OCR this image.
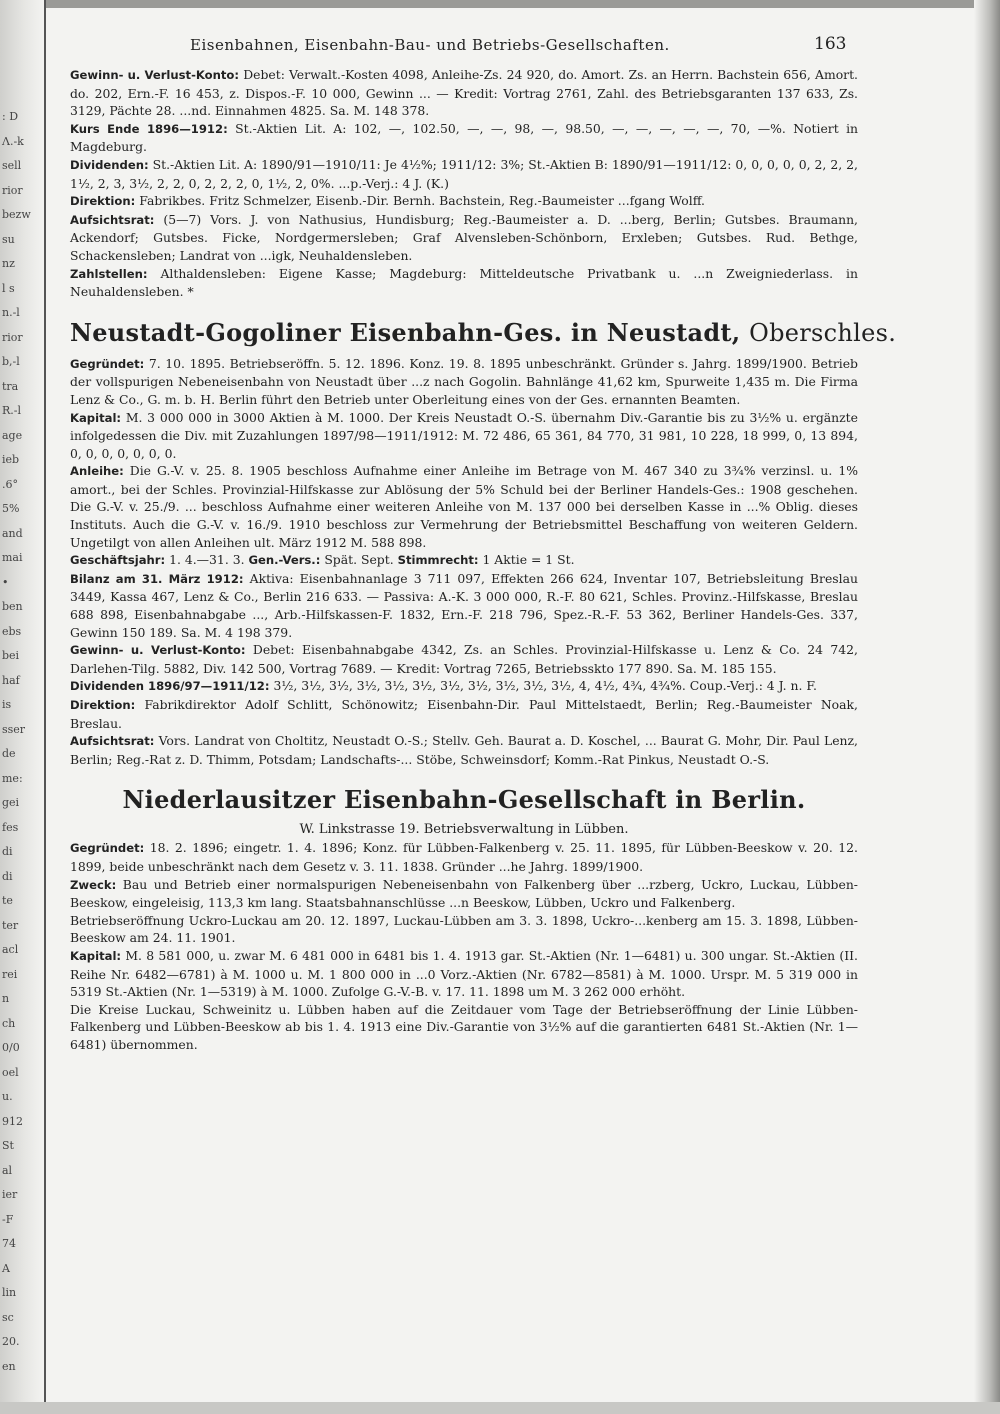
: D
Λ.-k
sell
rior
bezw
su
nz
l s
n.-l
rior
b,-l
tra
R.-l
age
ieb
.6°
5%
and
mai
•
ben
ebs
bei
haf
is
sser
de
me:
gei
fes
di
di
te
ter
acl
rei
n
ch
0/0
oel
u.
912
St
al
ier
-F
74
A
lin
sc
20.
en
Eisenbahnen, Eisenbahn-Bau- und Betriebs-Gesellschaften.	163

Gewinn- u. Verlust-Konto: Debet: Verwalt.-Kosten 4098, Anleihe-Zs. 24 920, do. Amort. Zs. an Herrn. Bachstein 656, Amort. do. 202, Ern.-F. 16 453, z. Dispos.-F. 10 000, Gewinn ... — Kredit: Vortrag 2761, Zahl. des Betriebsgaranten 137 633, Zs. 3129, Pächte 28. ...nd. Einnahmen 4825. Sa. M. 148 378.

Kurs Ende 1896—1912: St.-Aktien Lit. A: 102, —, 102.50, —, —, 98, —, 98.50, —, —, —, —, —, 70, —%. Notiert in Magdeburg.

Dividenden: St.-Aktien Lit. A: 1890/91—1910/11: Je 4½%; 1911/12: 3%; St.-Aktien B: 1890/91—1911/12: 0, 0, 0, 0, 0, 2, 2, 2, 1½, 2, 3, 3½, 2, 2, 0, 2, 2, 2, 0, 1½, 2, 0%. ...p.-Verj.: 4 J. (K.)

Direktion: Fabrikbes. Fritz Schmelzer, Eisenb.-Dir. Bernh. Bachstein, Reg.-Baumeister ...fgang Wolff.

Aufsichtsrat: (5—7) Vors. J. von Nathusius, Hundisburg; Reg.-Baumeister a. D. ...berg, Berlin; Gutsbes. Braumann, Ackendorf; Gutsbes. Ficke, Nordgermersleben; Graf Alvensleben-Schönborn, Erxleben; Gutsbes. Rud. Bethge, Schackensleben; Landrat von ...igk, Neuhaldensleben.

Zahlstellen: Althaldensleben: Eigene Kasse; Magdeburg: Mitteldeutsche Privatbank u. ...n Zweigniederlass. in Neuhaldensleben. *

Neustadt-Gogoliner Eisenbahn-Ges. in Neustadt, Oberschles.

Gegründet: 7. 10. 1895. Betriebseröffn. 5. 12. 1896. Konz. 19. 8. 1895 unbeschränkt. Gründer s. Jahrg. 1899/1900. Betrieb der vollspurigen Nebeneisenbahn von Neustadt über ...z nach Gogolin. Bahnlänge 41,62 km, Spurweite 1,435 m. Die Firma Lenz & Co., G. m. b. H. Berlin führt den Betrieb unter Oberleitung eines von der Ges. ernannten Beamten.

Kapital: M. 3 000 000 in 3000 Aktien à M. 1000. Der Kreis Neustadt O.-S. übernahm Div.-Garantie bis zu 3½% u. ergänzte infolgedessen die Div. mit Zuzahlungen 1897/98—1911/1912: M. 72 486, 65 361, 84 770, 31 981, 10 228, 18 999, 0, 13 894, 0, 0, 0, 0, 0, 0, 0.

Anleihe: Die G.-V. v. 25. 8. 1905 beschloss Aufnahme einer Anleihe im Betrage von M. 467 340 zu 3¾% verzinsl. u. 1% amort., bei der Schles. Provinzial-Hilfskasse zur Ablösung der 5% Schuld bei der Berliner Handels-Ges.: 1908 geschehen. Die G.-V. v. 25./9. ... beschloss Aufnahme einer weiteren Anleihe von M. 137 000 bei derselben Kasse in ...% Oblig. dieses Instituts. Auch die G.-V. v. 16./9. 1910 beschloss zur Vermehrung der Betriebsmittel Beschaffung von weiteren Geldern. Ungetilgt von allen Anleihen ult. März 1912 M. 588 898.

Geschäftsjahr: 1. 4.—31. 3. Gen.-Vers.: Spät. Sept. Stimmrecht: 1 Aktie = 1 St.

Bilanz am 31. März 1912: Aktiva: Eisenbahnanlage 3 711 097, Effekten 266 624, Inventar 107, Betriebsleitung Breslau 3449, Kassa 467, Lenz & Co., Berlin 216 633. — Passiva: A.-K. 3 000 000, R.-F. 80 621, Schles. Provinz.-Hilfskasse, Breslau 688 898, Eisenbahnabgabe ..., Arb.-Hilfskassen-F. 1832, Ern.-F. 218 796, Spez.-R.-F. 53 362, Berliner Handels-Ges. 337, Gewinn 150 189. Sa. M. 4 198 379.

Gewinn- u. Verlust-Konto: Debet: Eisenbahnabgabe 4342, Zs. an Schles. Provinzial-Hilfskasse u. Lenz & Co. 24 742, Darlehen-Tilg. 5882, Div. 142 500, Vortrag 7689. — Kredit: Vortrag 7265, Betriebsskto 177 890. Sa. M. 185 155.

Dividenden 1896/97—1911/12: 3½, 3½, 3½, 3½, 3½, 3½, 3½, 3½, 3½, 3½, 3½, 4, 4½, 4¾, 4¾%. Coup.-Verj.: 4 J. n. F.

Direktion: Fabrikdirektor Adolf Schlitt, Schönowitz; Eisenbahn-Dir. Paul Mittelstaedt, Berlin; Reg.-Baumeister Noak, Breslau.

Aufsichtsrat: Vors. Landrat von Choltitz, Neustadt O.-S.; Stellv. Geh. Baurat a. D. Koschel, ... Baurat G. Mohr, Dir. Paul Lenz, Berlin; Reg.-Rat z. D. Thimm, Potsdam; Landschafts-... Stöbe, Schweinsdorf; Komm.-Rat Pinkus, Neustadt O.-S.

Niederlausitzer Eisenbahn-Gesellschaft in Berlin.
W. Linkstrasse 19. Betriebsverwaltung in Lübben.

Gegründet: 18. 2. 1896; eingetr. 1. 4. 1896; Konz. für Lübben-Falkenberg v. 25. 11. 1895, für Lübben-Beeskow v. 20. 12. 1899, beide unbeschränkt nach dem Gesetz v. 3. 11. 1838. Gründer ...he Jahrg. 1899/1900.

Zweck: Bau und Betrieb einer normalspurigen Nebeneisenbahn von Falkenberg über ...rzberg, Uckro, Luckau, Lübben-Beeskow, eingeleisig, 113,3 km lang. Staatsbahnanschlüsse ...n Beeskow, Lübben, Uckro und Falkenberg.

Betriebseröffnung Uckro-Luckau am 20. 12. 1897, Luckau-Lübben am 3. 3. 1898, Uckro-...kenberg am 15. 3. 1898, Lübben-Beeskow am 24. 11. 1901.

Kapital: M. 8 581 000, u. zwar M. 6 481 000 in 6481 bis 1. 4. 1913 gar. St.-Aktien (Nr. 1—6481) u. 300 ungar. St.-Aktien (II. Reihe Nr. 6482—6781) à M. 1000 u. M. 1 800 000 in ...0 Vorz.-Aktien (Nr. 6782—8581) à M. 1000. Urspr. M. 5 319 000 in 5319 St.-Aktien (Nr. 1—5319) à M. 1000. Zufolge G.-V.-B. v. 17. 11. 1898 um M. 3 262 000 erhöht.

Die Kreise Luckau, Schweinitz u. Lübben haben auf die Zeitdauer vom Tage der Betriebseröffnung der Linie Lübben-Falkenberg und Lübben-Beeskow ab bis 1. 4. 1913 eine Div.-Garantie von 3½% auf die garantierten 6481 St.-Aktien (Nr. 1—6481) übernommen.
